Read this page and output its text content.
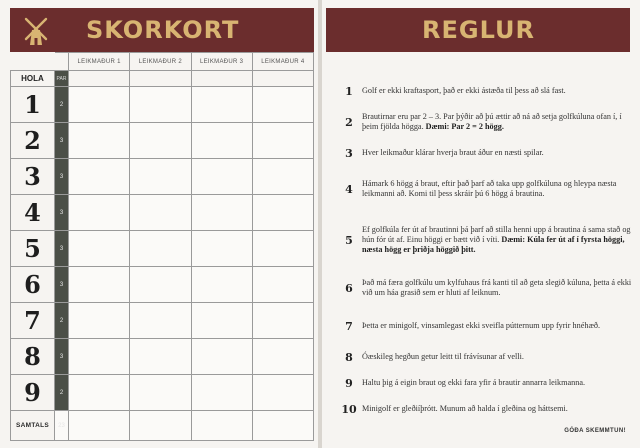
SKORKORT
		LEIKMAÐUR 1	LEIKMAÐUR 2	LEIKMAÐUR 3	LEIKMAÐUR 4
HOLA	PAR				
1	2				
2	3				
3	3				
4	3				
5	3				
6	3				
7	2				
8	3				
9	2				
SAMTALS	23				
REGLUR
1	Golf er ekki kraftasport, það er ekki ástæða til þess að slá fast.
2	Brautirnar eru par 2 – 3. Par þýðir að þú ættir að ná að setja golfkúluna ofan í, í þeim fjölda högga. Dæmi: Par 2 = 2 högg.
3	Hver leikmaður klárar hverja braut áður en næsti spilar.
4	Hámark 6 högg á braut, eftir það þarf að taka upp golfkúluna og hleypa næsta leikmanni að. Komi til þess skráir þú 6 högg á brautina.
5
Ef golfkúla fer út af brautinni þá þarf að stilla henni upp á brautina á sama stað og hún fór út af. Einu höggi er bætt við í víti. Dæmi: Kúla fer út af í fyrsta höggi, næsta högg er þriðja höggið þitt.
6	Það má færa golfkúlu um kylfuhaus frá kanti til að geta slegið kúluna, þetta á ekki við um háa grasið sem er hluti af leiknum.
7	Þetta er minigolf, vinsamlegast ekki sveifla pútternum upp fyrir hnéhæð.
8	Óæskileg hegðun getur leitt til frávísunar af velli.
9	Haltu þig á eigin braut og ekki fara yfir á brautir annarra leikmanna.
10 Minigolf er gleðiíþrótt. Munum að halda í gleðina og háttsemi.
GÓÐA SKEMMTUN!
